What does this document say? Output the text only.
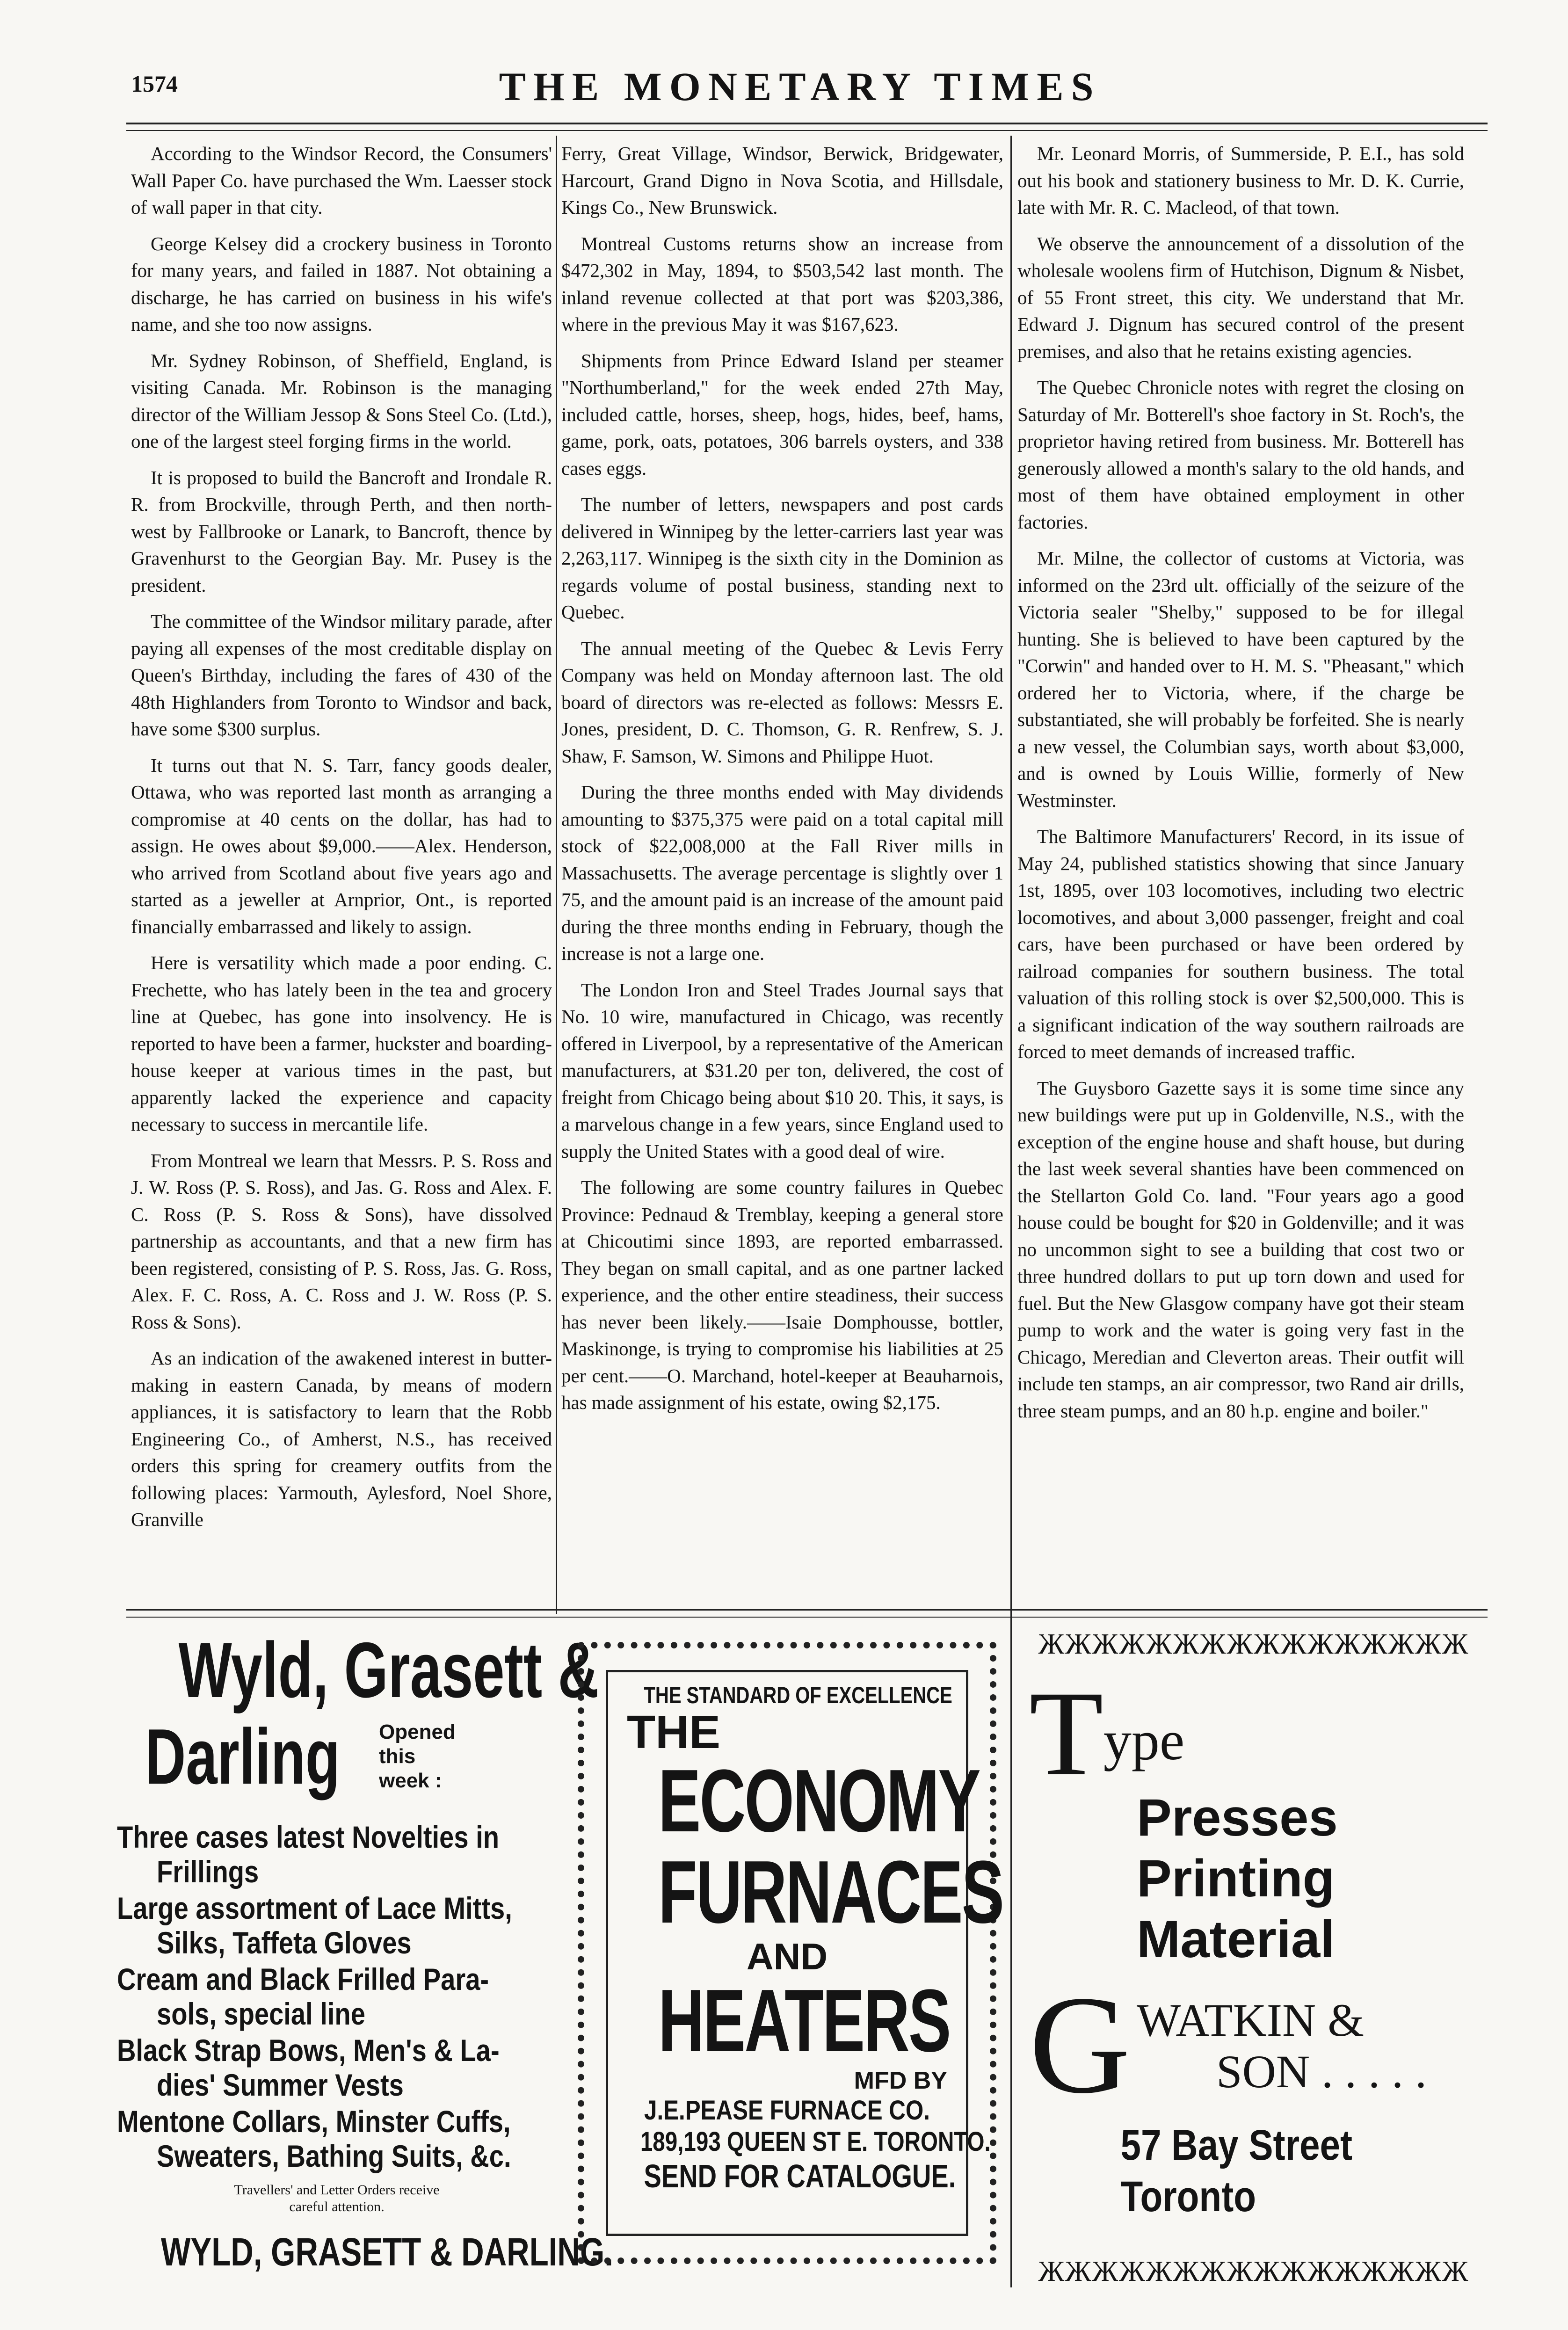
1574	THE MONETARY TIMES

According to the Windsor Record, the Consumers' Wall Paper Co. have purchased the Wm. Laesser stock of wall paper in that city.

George Kelsey did a crockery business in Toronto for many years, and failed in 1887. Not obtaining a discharge, he has carried on business in his wife's name, and she too now assigns.

Mr. Sydney Robinson, of Sheffield, England, is visiting Canada. Mr. Robinson is the managing director of the William Jessop & Sons Steel Co. (Ltd.), one of the largest steel forging firms in the world.

It is proposed to build the Bancroft and Irondale R. R. from Brockville, through Perth, and then north-west by Fallbrooke or Lanark, to Bancroft, thence by Gravenhurst to the Georgian Bay. Mr. Pusey is the president.

The committee of the Windsor military parade, after paying all expenses of the most creditable display on Queen's Birthday, including the fares of 430 of the 48th Highlanders from Toronto to Windsor and back, have some $300 surplus.

It turns out that N. S. Tarr, fancy goods dealer, Ottawa, who was reported last month as arranging a compromise at 40 cents on the dollar, has had to assign. He owes about $9,000.——Alex. Henderson, who arrived from Scotland about five years ago and started as a jeweller at Arnprior, Ont., is reported financially embarrassed and likely to assign.

Here is versatility which made a poor ending. C. Frechette, who has lately been in the tea and grocery line at Quebec, has gone into insolvency. He is reported to have been a farmer, huckster and boarding-house keeper at various times in the past, but apparently lacked the experience and capacity necessary to success in mercantile life.

From Montreal we learn that Messrs. P. S. Ross and J. W. Ross (P. S. Ross), and Jas. G. Ross and Alex. F. C. Ross (P. S. Ross & Sons), have dissolved partnership as accountants, and that a new firm has been registered, consisting of P. S. Ross, Jas. G. Ross, Alex. F. C. Ross, A. C. Ross and J. W. Ross (P. S. Ross & Sons).

As an indication of the awakened interest in butter-making in eastern Canada, by means of modern appliances, it is satisfactory to learn that the Robb Engineering Co., of Amherst, N.S., has received orders this spring for creamery outfits from the following places: Yarmouth, Aylesford, Noel Shore, Granville

Ferry, Great Village, Windsor, Berwick, Bridgewater, Harcourt, Grand Digno in Nova Scotia, and Hillsdale, Kings Co., New Brunswick.

Montreal Customs returns show an increase from $472,302 in May, 1894, to $503,542 last month. The inland revenue collected at that port was $203,386, where in the previous May it was $167,623.

Shipments from Prince Edward Island per steamer "Northumberland," for the week ended 27th May, included cattle, horses, sheep, hogs, hides, beef, hams, game, pork, oats, potatoes, 306 barrels oysters, and 338 cases eggs.

The number of letters, newspapers and post cards delivered in Winnipeg by the letter-carriers last year was 2,263,117. Winnipeg is the sixth city in the Dominion as regards volume of postal business, standing next to Quebec.

The annual meeting of the Quebec & Levis Ferry Company was held on Monday afternoon last. The old board of directors was re-elected as follows: Messrs E. Jones, president, D. C. Thomson, G. R. Renfrew, S. J. Shaw, F. Samson, W. Simons and Philippe Huot.

During the three months ended with May dividends amounting to $375,375 were paid on a total capital mill stock of $22,008,000 at the Fall River mills in Massachusetts. The average percentage is slightly over 1 75, and the amount paid is an increase of the amount paid during the three months ending in February, though the increase is not a large one.

The London Iron and Steel Trades Journal says that No. 10 wire, manufactured in Chicago, was recently offered in Liverpool, by a representative of the American manufacturers, at $31.20 per ton, delivered, the cost of freight from Chicago being about $10 20. This, it says, is a marvelous change in a few years, since England used to supply the United States with a good deal of wire.

The following are some country failures in Quebec Province: Pednaud & Tremblay, keeping a general store at Chicoutimi since 1893, are reported embarrassed. They began on small capital, and as one partner lacked experience, and the other entire steadiness, their success has never been likely.——Isaie Domphousse, bottler, Maskinonge, is trying to compromise his liabilities at 25 per cent.——O. Marchand, hotel-keeper at Beauharnois, has made assignment of his estate, owing $2,175.

Mr. Leonard Morris, of Summerside, P. E.I., has sold out his book and stationery business to Mr. D. K. Currie, late with Mr. R. C. Macleod, of that town.

We observe the announcement of a dissolution of the wholesale woolens firm of Hutchison, Dignum & Nisbet, of 55 Front street, this city. We understand that Mr. Edward J. Dignum has secured control of the present premises, and also that he retains existing agencies.

The Quebec Chronicle notes with regret the closing on Saturday of Mr. Botterell's shoe factory in St. Roch's, the proprietor having retired from business. Mr. Botterell has generously allowed a month's salary to the old hands, and most of them have obtained employment in other factories.

Mr. Milne, the collector of customs at Victoria, was informed on the 23rd ult. officially of the seizure of the Victoria sealer "Shelby," supposed to be for illegal hunting. She is believed to have been captured by the "Corwin" and handed over to H. M. S. "Pheasant," which ordered her to Victoria, where, if the charge be substantiated, she will probably be forfeited. She is nearly a new vessel, the Columbian says, worth about $3,000, and is owned by Louis Willie, formerly of New Westminster.

The Baltimore Manufacturers' Record, in its issue of May 24, published statistics showing that since January 1st, 1895, over 103 locomotives, including two electric locomotives, and about 3,000 passenger, freight and coal cars, have been purchased or have been ordered by railroad companies for southern business. The total valuation of this rolling stock is over $2,500,000. This is a significant indication of the way southern railroads are forced to meet demands of increased traffic.

The Guysboro Gazette says it is some time since any new buildings were put up in Goldenville, N.S., with the exception of the engine house and shaft house, but during the last week several shanties have been commenced on the Stellarton Gold Co. land. "Four years ago a good house could be bought for $20 in Goldenville; and it was no uncommon sight to see a building that cost two or three hundred dollars to put up torn down and used for fuel. But the New Glasgow company have got their steam pump to work and the water is going very fast in the Chicago, Meredian and Cleverton areas. Their outfit will include ten stamps, an air compressor, two Rand air drills, three steam pumps, and an 80 h.p. engine and boiler."

Wyld, Grasett &
Darling Opened
this
week :
Three cases latest Novelties in
Frillings
Large assortment of Lace Mitts,
Silks, Taffeta Gloves
Cream and Black Frilled Para-
sols, special line
Black Strap Bows, Men's & La-
dies' Summer Vests
Mentone Collars, Minster Cuffs,
Sweaters, Bathing Suits, &c.
Travellers' and Letter Orders receive
careful attention.
WYLD, GRASETT & DARLING.
THE STANDARD OF EXCELLENCE
THE
ECONOMY
FURNACES
AND
HEATERS
MFD BY
J.E.PEASE FURNACE CO.
189,193 QUEEN ST E. TORONTO.
SEND FOR CATALOGUE.
ЖЖЖЖЖЖЖЖЖЖЖЖЖЖЖЖ
T ype
Presses
Printing
Material
G WATKIN &
SON . . . . .
57 Bay Street
Toronto
ЖЖЖЖЖЖЖЖЖЖЖЖЖЖЖЖ
